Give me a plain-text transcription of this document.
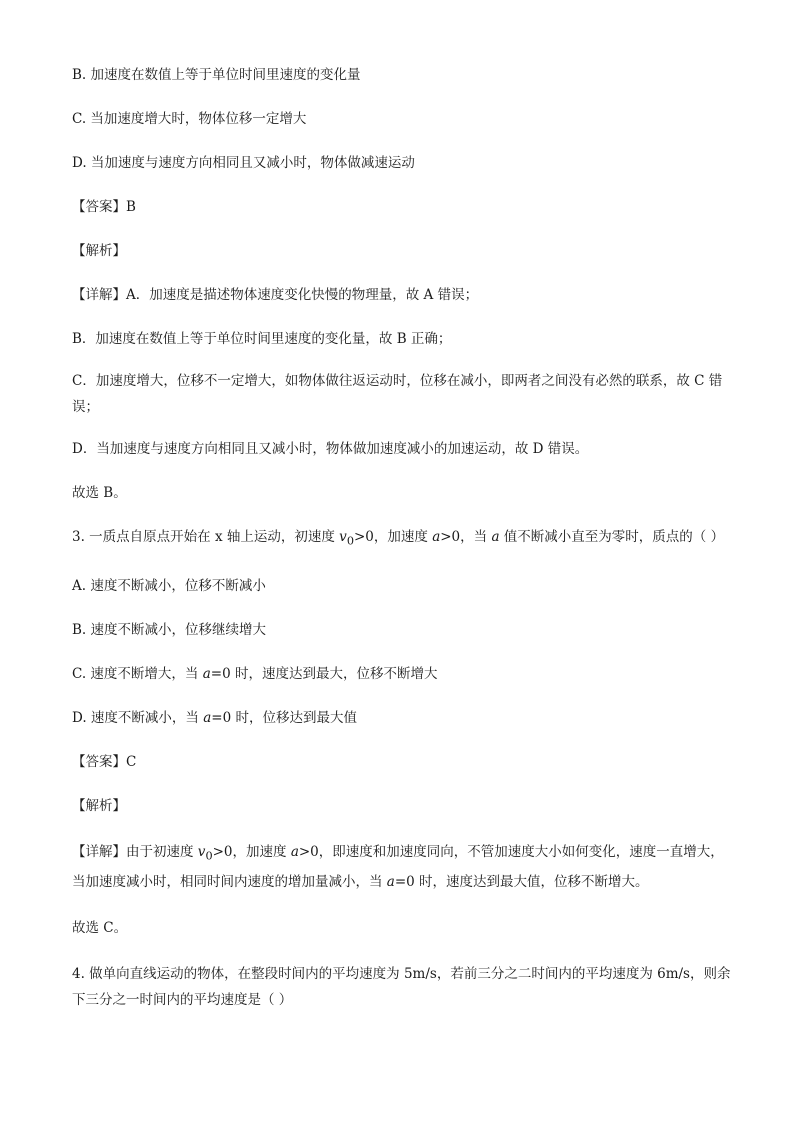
B. 加速度在数值上等于单位时间里速度的变化量
C. 当加速度增大时，物体位移一定增大
D. 当加速度与速度方向相同且又减小时，物体做减速运动
【答案】B
【解析】
【详解】A．加速度是描述物体速度变化快慢的物理量，故 A 错误；
B．加速度在数值上等于单位时间里速度的变化量，故 B 正确；
C．加速度增大，位移不一定增大，如物体做往返运动时，位移在减小，即两者之间没有必然的联系，故 C 错误；
D．当加速度与速度方向相同且又减小时，物体做加速度减小的加速运动，故 D 错误。
故选 B。
3. 一质点自原点开始在 x 轴上运动，初速度 $v_0>0$，加速度 a>0，当 a 值不断减小直至为零时，质点的（ ）
A. 速度不断减小，位移不断减小
B. 速度不断减小，位移继续增大
C. 速度不断增大，当 a=0 时，速度达到最大，位移不断增大
D. 速度不断减小，当 a=0 时，位移达到最大值
【答案】C
【解析】
【详解】由于初速度 $v_0>0$，加速度 a>0，即速度和加速度同向，不管加速度大小如何变化，速度一直增大，当加速度减小时，相同时间内速度的增加量减小，当 a=0 时，速度达到最大值，位移不断增大。
故选 C。
4. 做单向直线运动的物体，在整段时间内的平均速度为 5m/s，若前三分之二时间内的平均速度为 6m/s，则余下三分之一时间内的平均速度是（ ）
